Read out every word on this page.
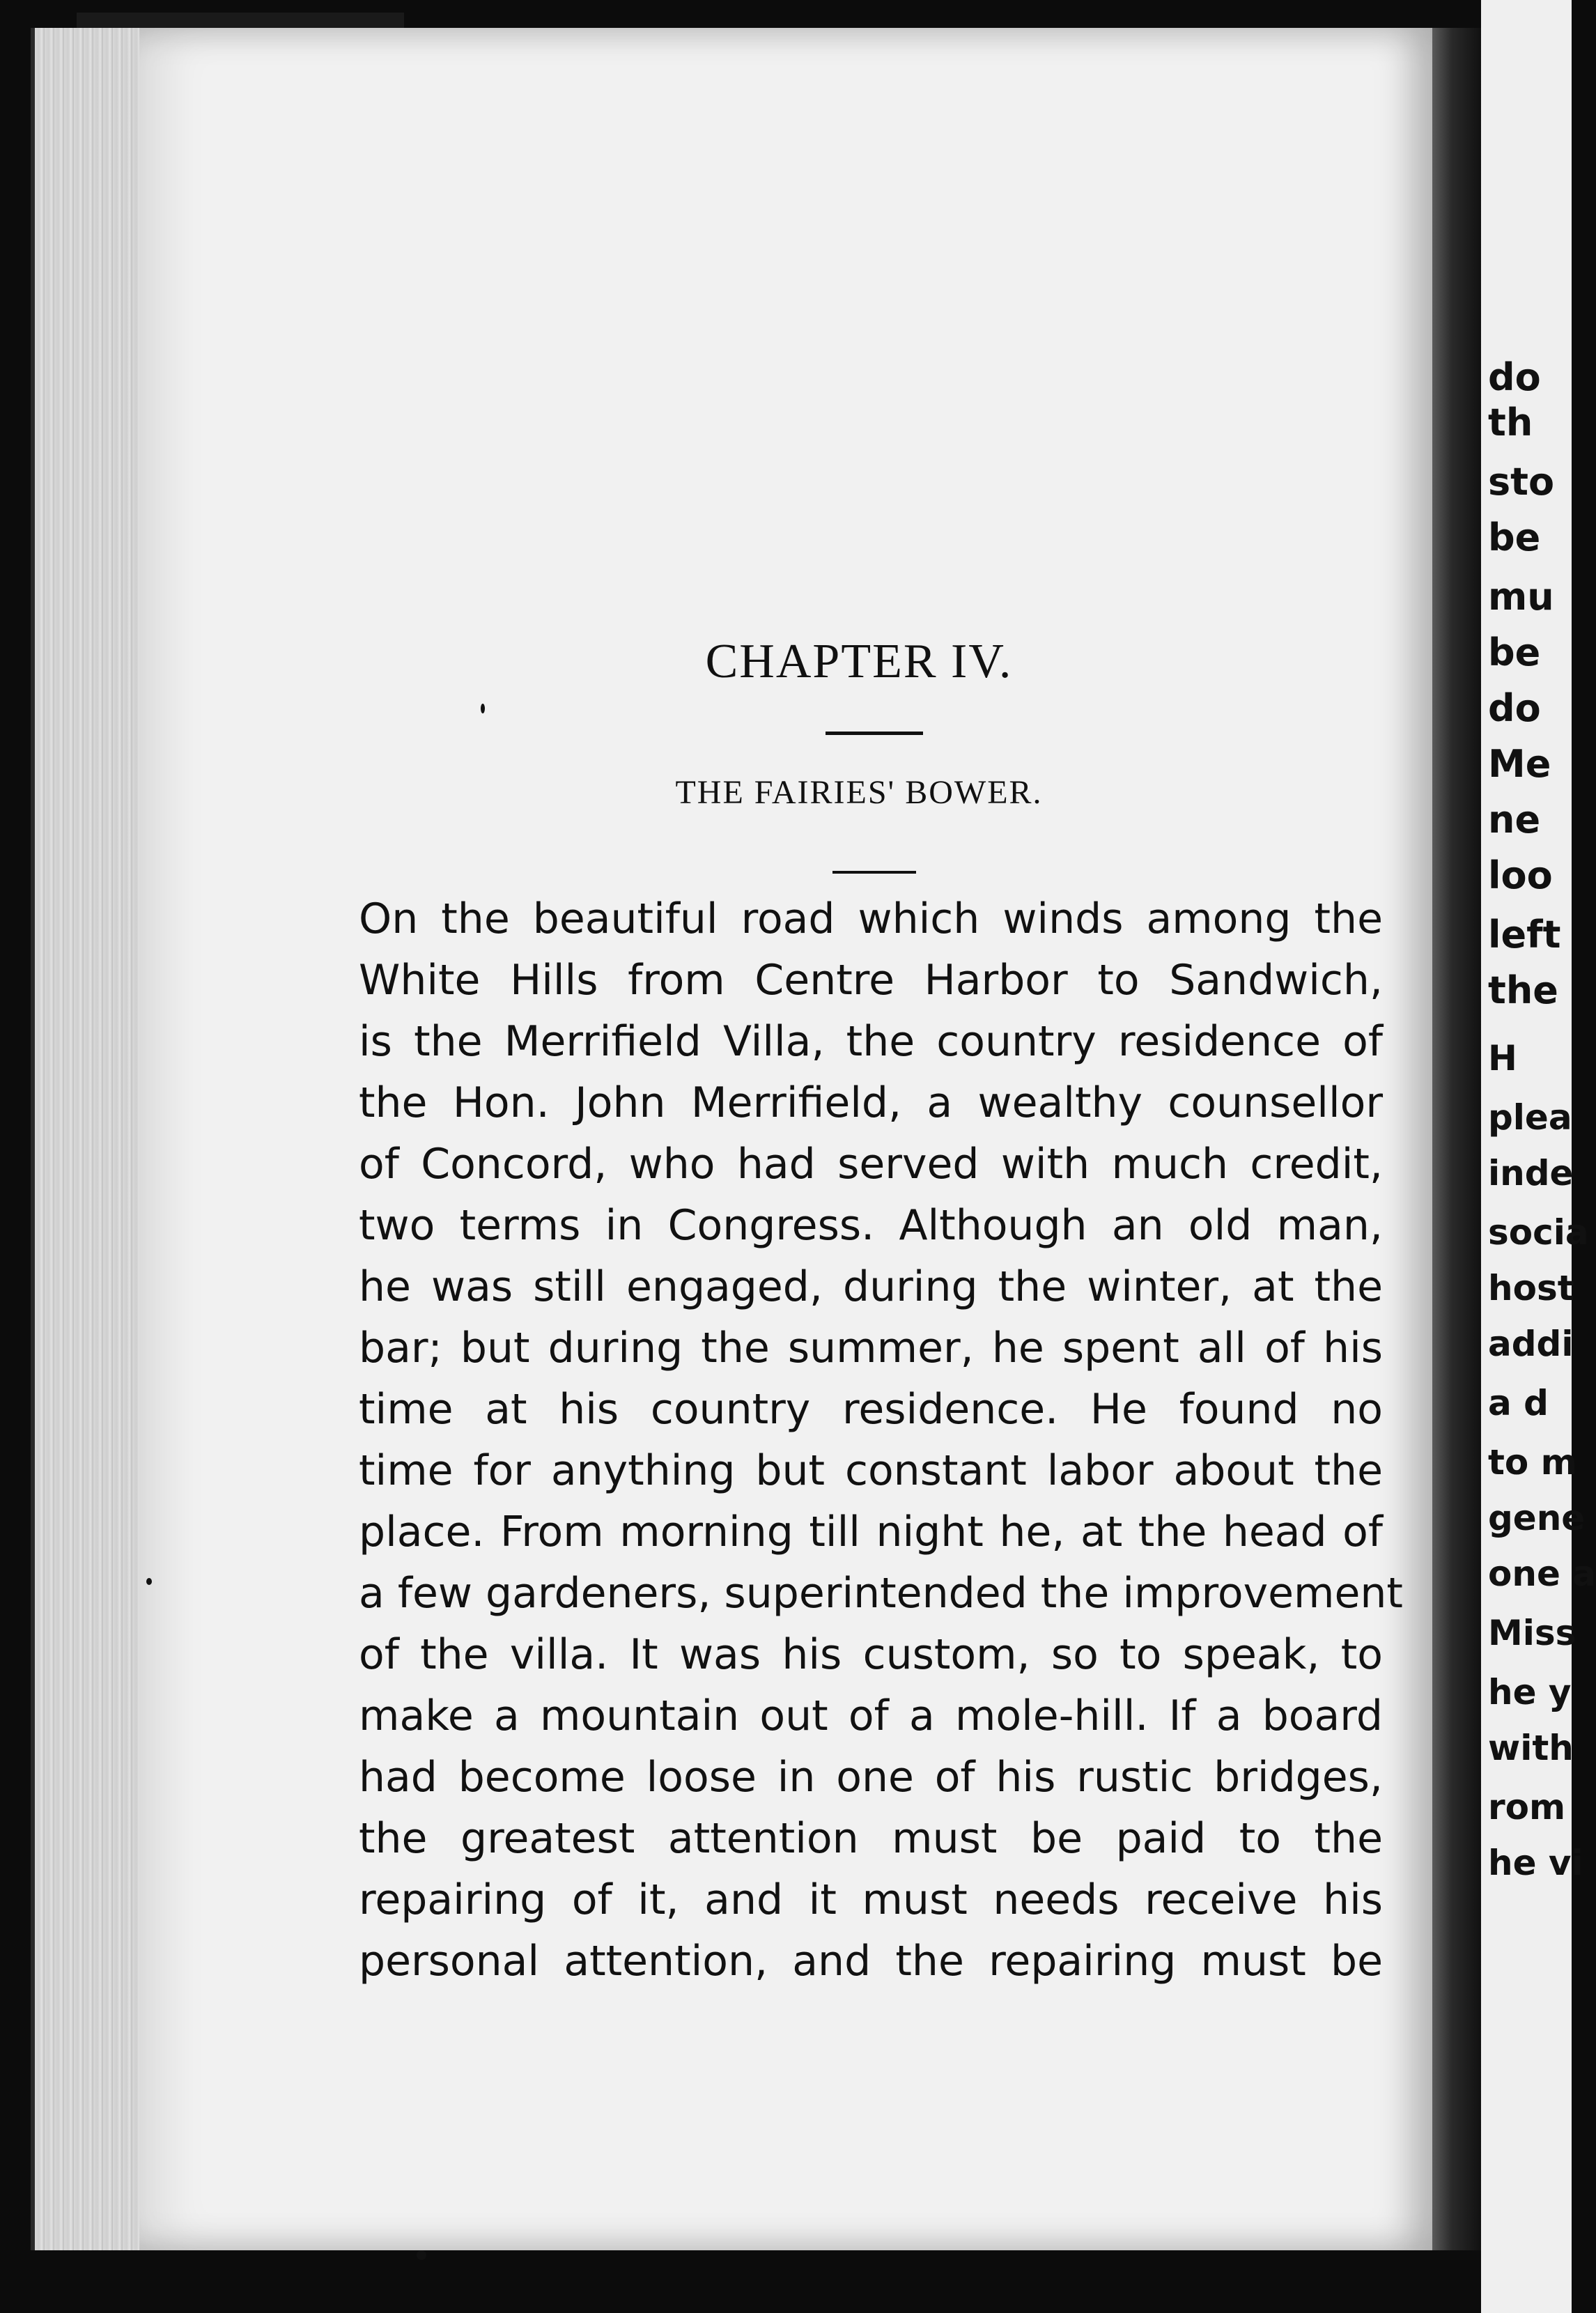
do
th
sto
be
mu
be
do
Me
ne
loo
left
the
H
plea
inde
socia
host
addi
a d
to m
gene
one a
Miss
he y
with
rom
he vi
CHAPTER IV.
THE FAIRIES' BOWER.
On the beautiful road which winds among the
White Hills from Centre Harbor to Sandwich,
is the Merrifield Villa, the country residence of
the Hon. John Merrifield, a wealthy counsellor
of Concord, who had served with much credit,
two terms in Congress. Although an old man,
he was still engaged, during the winter, at the
bar; but during the summer, he spent all of his
time at his country residence. He found no
time for anything but constant labor about the
place. From morning till night he, at the head of
a few gardeners, superintended the improvement
of the villa. It was his custom, so to speak, to
make a mountain out of a mole-hill. If a board
had become loose in one of his rustic bridges,
the greatest attention must be paid to the
repairing of it, and it must needs receive his
personal attention, and the repairing must be
